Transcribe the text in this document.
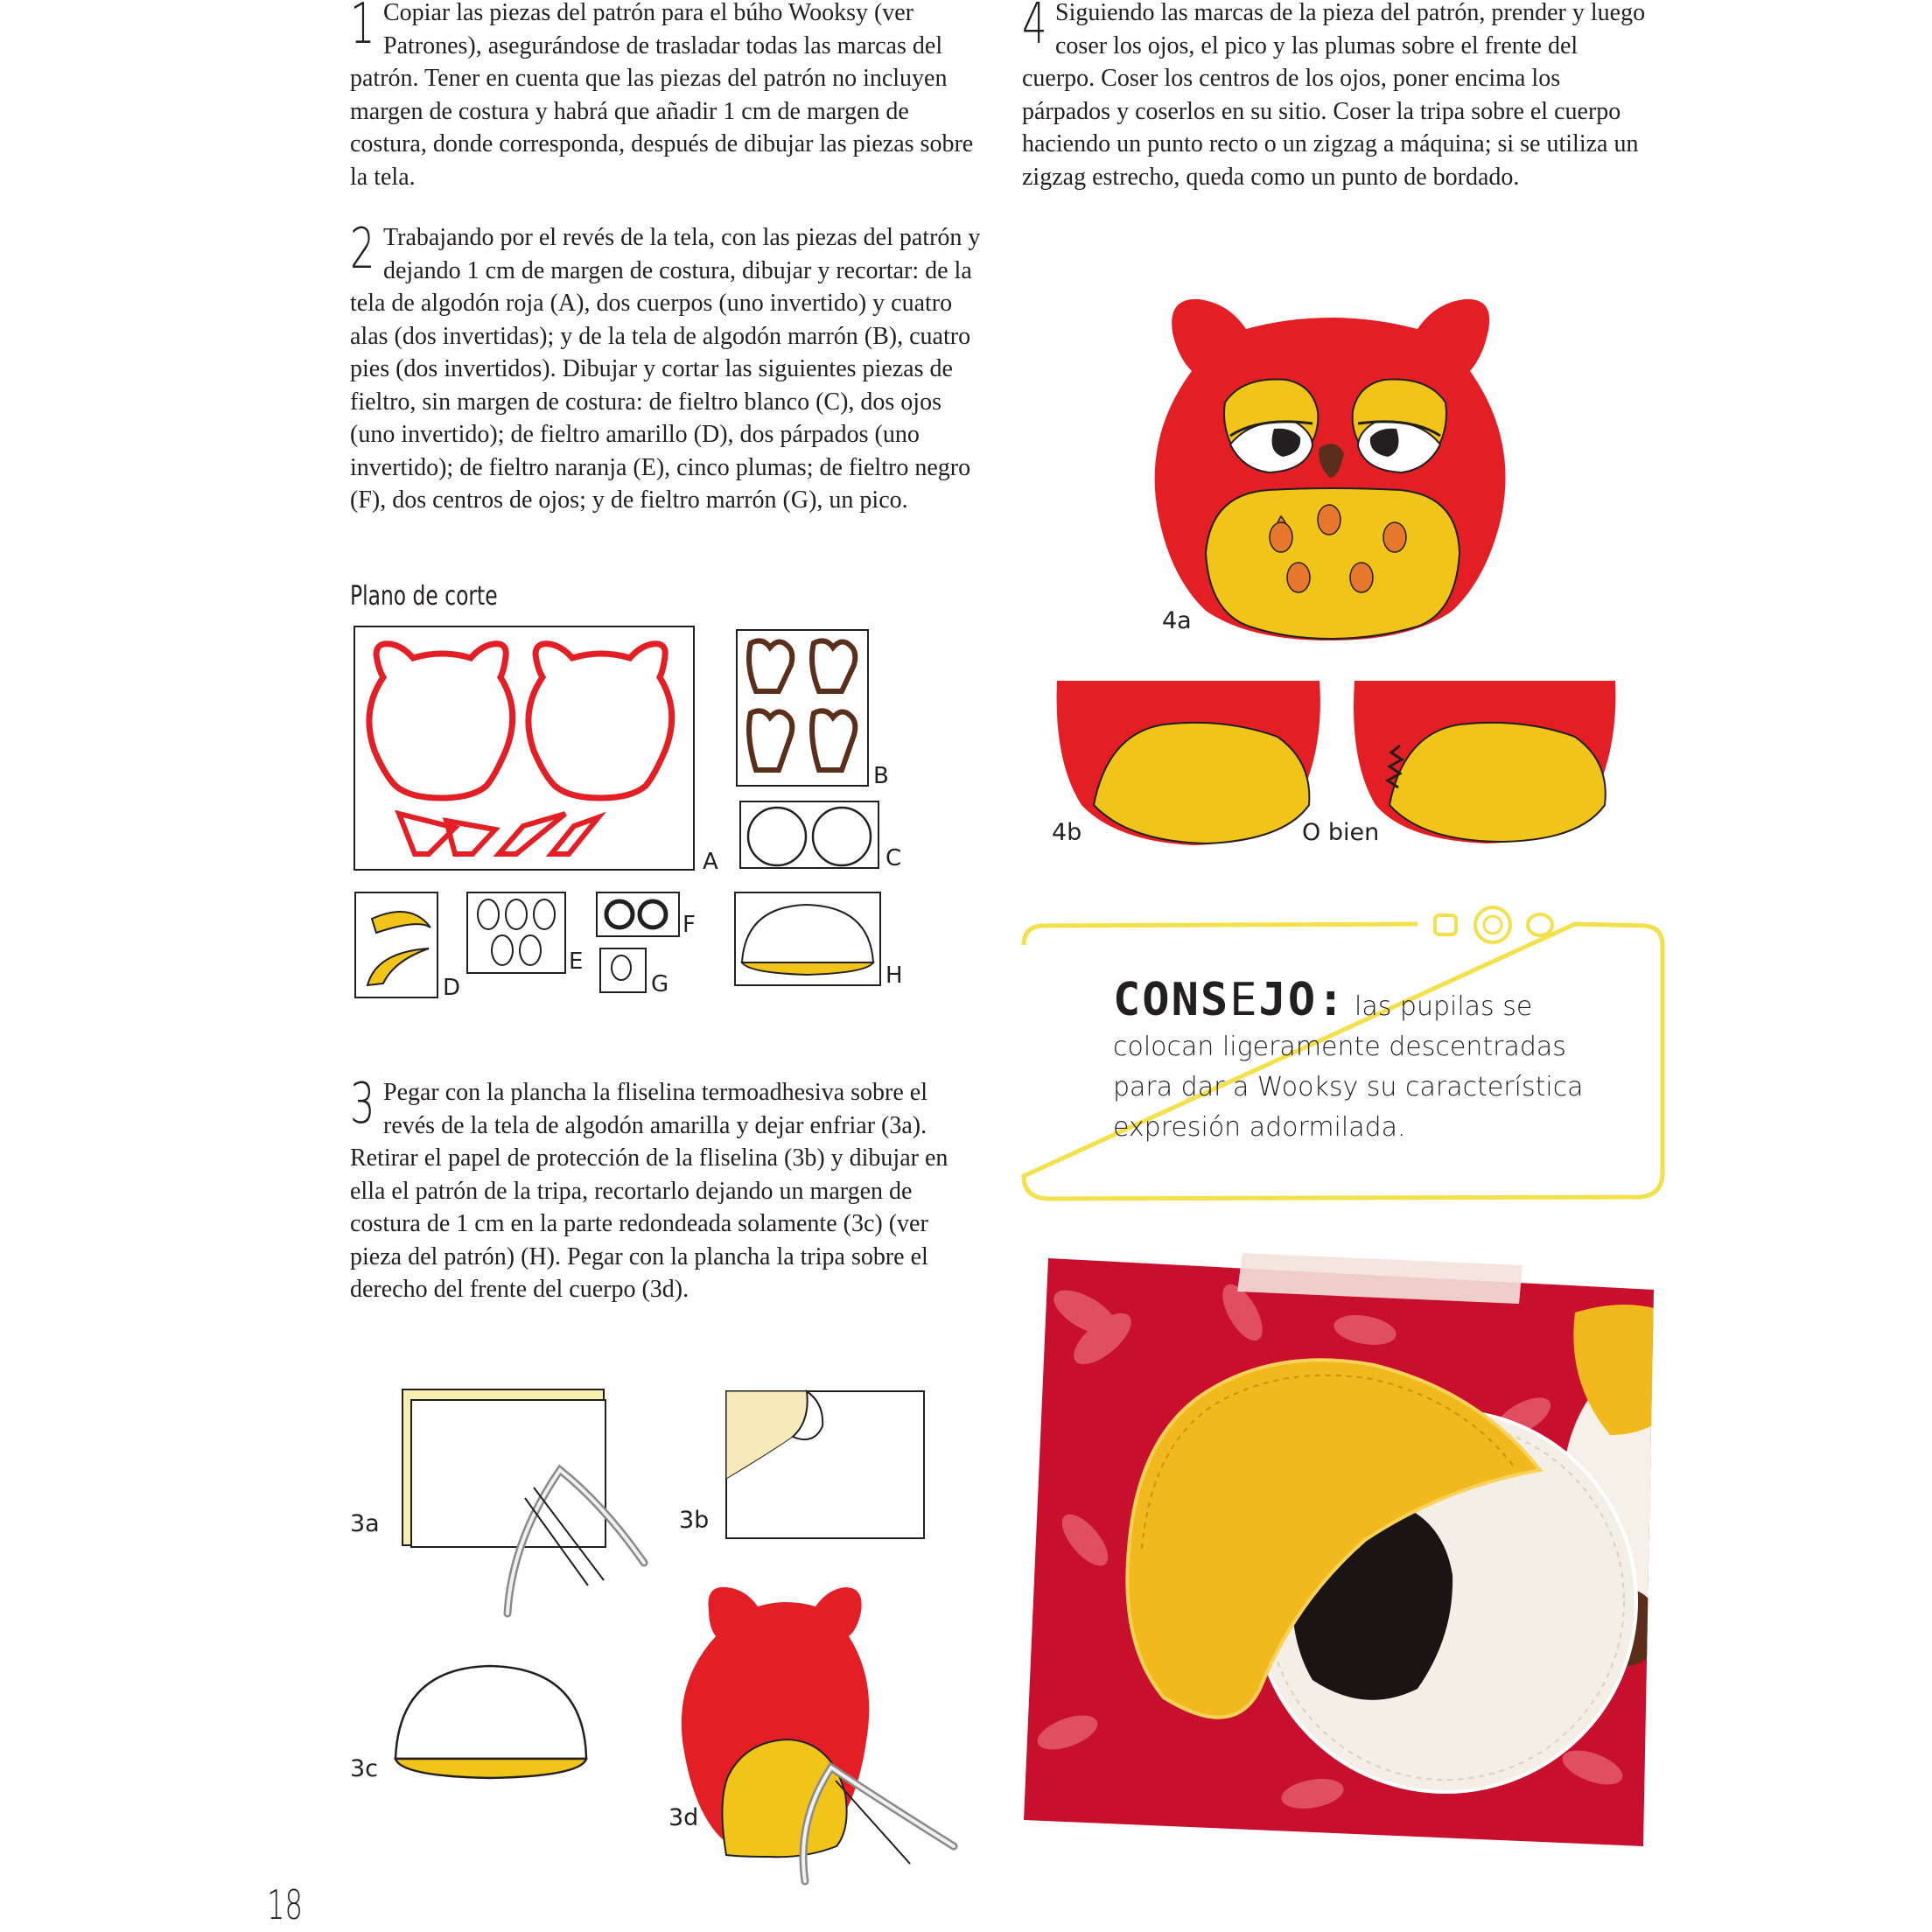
1 Copiar las piezas del patrón para el búho Wooksy (ver Patrones), asegurándose de trasladar todas las marcas del patrón. Tener en cuenta que las piezas del patrón no incluyen margen de costura y habrá que añadir 1 cm de margen de costura, donde corresponda, después de dibujar las piezas sobre la tela.
2 Trabajando por el revés de la tela, con las piezas del patrón y dejando 1 cm de margen de costura, dibujar y recortar: de la tela de algodón roja (A), dos cuerpos (uno invertido) y cuatro alas (dos invertidas); y de la tela de algodón marrón (B), cuatro pies (dos invertidos). Dibujar y cortar las siguientes piezas de fieltro, sin margen de costura: de fieltro blanco (C), dos ojos (uno invertido); de fieltro amarillo (D), dos párpados (uno invertido); de fieltro naranja (E), cinco plumas; de fieltro negro (F), dos centros de ojos; y de fieltro marrón (G), un pico.
Plano de corte
A
B
C
D
E
F
G	H
3 Pegar con la plancha la fliselina termoadhesiva sobre el revés de la tela de algodón amarilla y dejar enfriar (3a). Retirar el papel de protección de la fliselina (3b) y dibujar en ella el patrón de la tripa, recortarlo dejando un margen de costura de 1 cm en la parte redondeada solamente (3c) (ver pieza del patrón) (H). Pegar con la plancha la tripa sobre el derecho del frente del cuerpo (3d).
3a	3b
3c
3d
4 Siguiendo las marcas de la pieza del patrón, prender y luego coser los ojos, el pico y las plumas sobre el frente del cuerpo. Coser los centros de los ojos, poner encima los párpados y coserlos en su sitio. Coser la tripa sobre el cuerpo haciendo un punto recto o un zigzag a máquina; si se utiliza un zigzag estrecho, queda como un punto de bordado.
4a
4b	O bien
CONSEJO: las pupilas se colocan ligeramente descentradas para dar a Wooksy su característica expresión adormilada.
18
